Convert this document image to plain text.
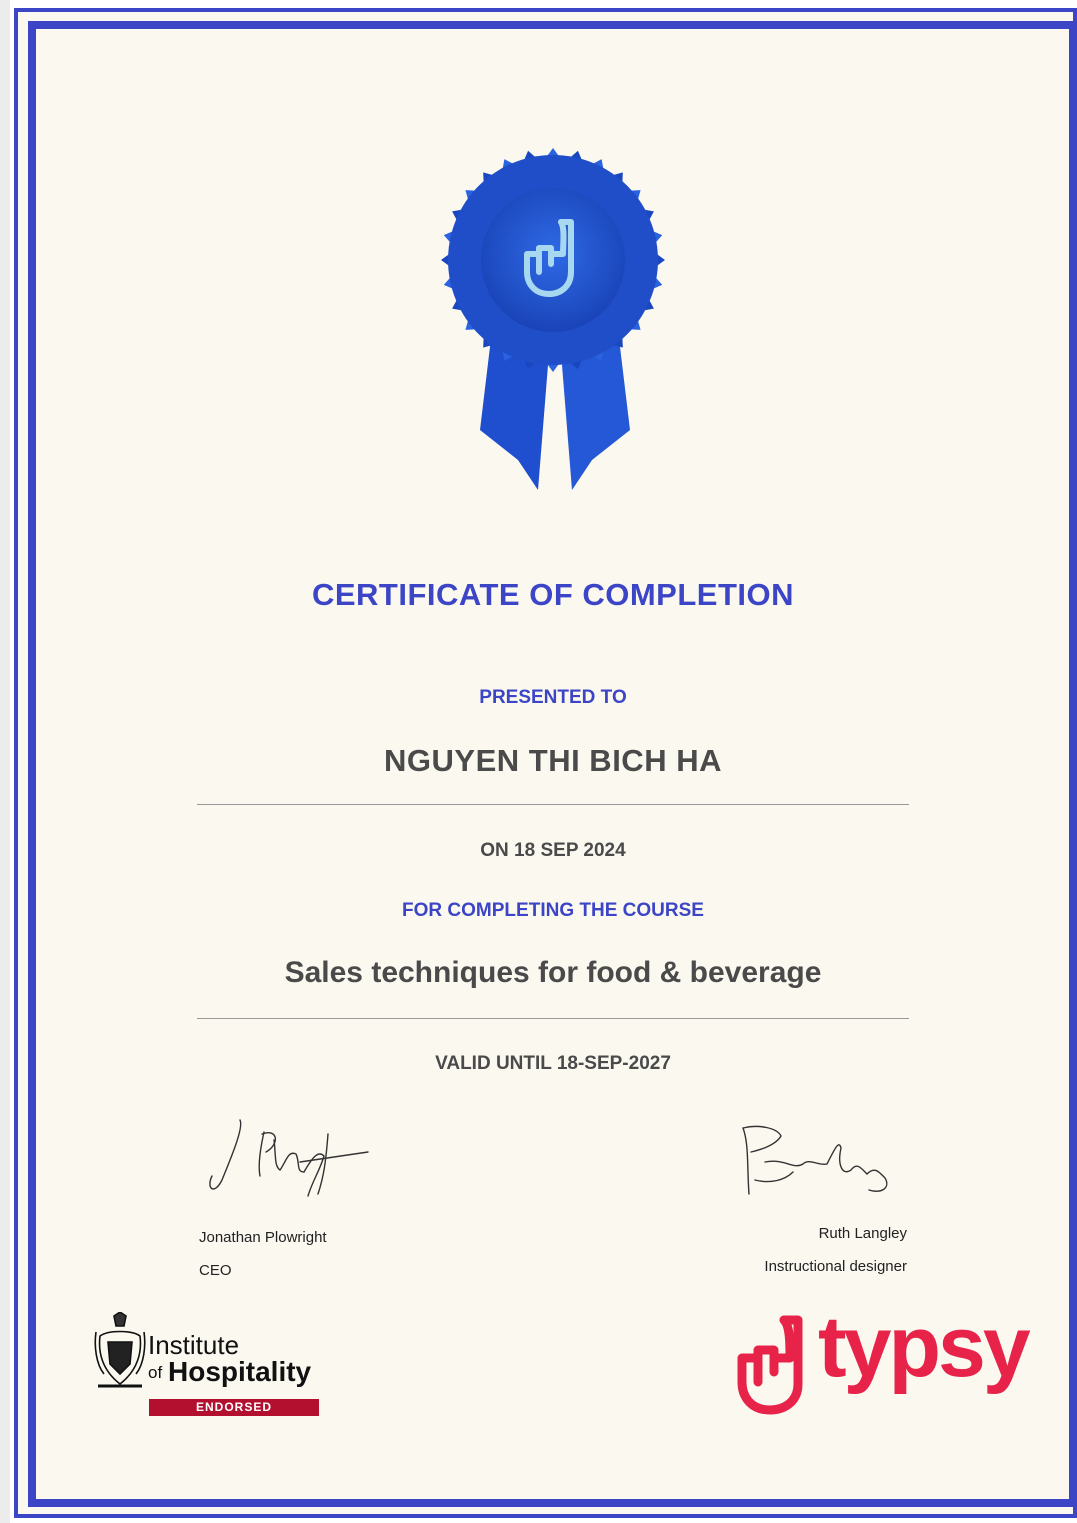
CERTIFICATE OF COMPLETION
PRESENTED TO
NGUYEN THI BICH HA
ON 18 SEP 2024
FOR COMPLETING THE COURSE
Sales techniques for food & beverage
VALID UNTIL 18-SEP-2027
Jonathan Plowright
CEO
Ruth Langley
Instructional designer
Institute
of Hospitality
ENDORSED
typsy
